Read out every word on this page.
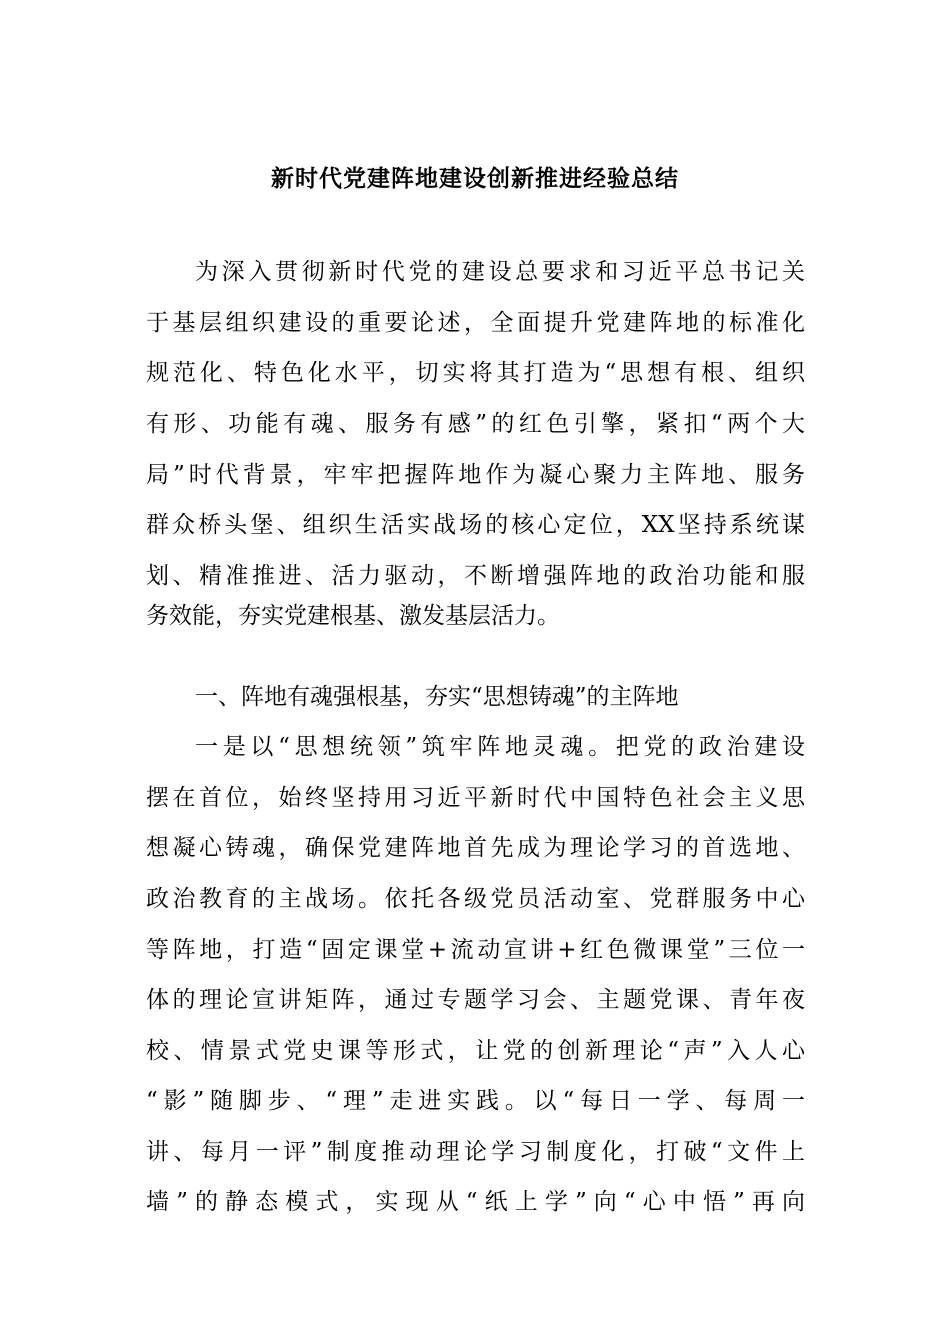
新时代党建阵地建设创新推进经验总结
为深入贯彻新时代党的建设总要求和习近平总书记关
于基层组织建设的重要论述，全面提升党建阵地的标准化
规范化、特色化水平，切实将其打造为“思想有根、组织
有形、功能有魂、服务有感”的红色引擎，紧扣“两个大
局”时代背景，牢牢把握阵地作为凝心聚力主阵地、服务
群众桥头堡、组织生活实战场的核心定位，XX坚持系统谋
划、精准推进、活力驱动，不断增强阵地的政治功能和服
务效能，夯实党建根基、激发基层活力。
一、阵地有魂强根基，夯实“思想铸魂”的主阵地
一是以“思想统领”筑牢阵地灵魂。把党的政治建设
摆在首位，始终坚持用习近平新时代中国特色社会主义思
想凝心铸魂，确保党建阵地首先成为理论学习的首选地、
政治教育的主战场。依托各级党员活动室、党群服务中心
等阵地，打造“固定课堂+流动宣讲+红色微课堂”三位一
体的理论宣讲矩阵，通过专题学习会、主题党课、青年夜
校、情景式党史课等形式，让党的创新理论“声”入人心
“影”随脚步、“理”走进实践。以“每日一学、每周一
讲、每月一评”制度推动理论学习制度化，打破“文件上
墙”的静态模式，实现从“纸上学”向“心中悟”再向
